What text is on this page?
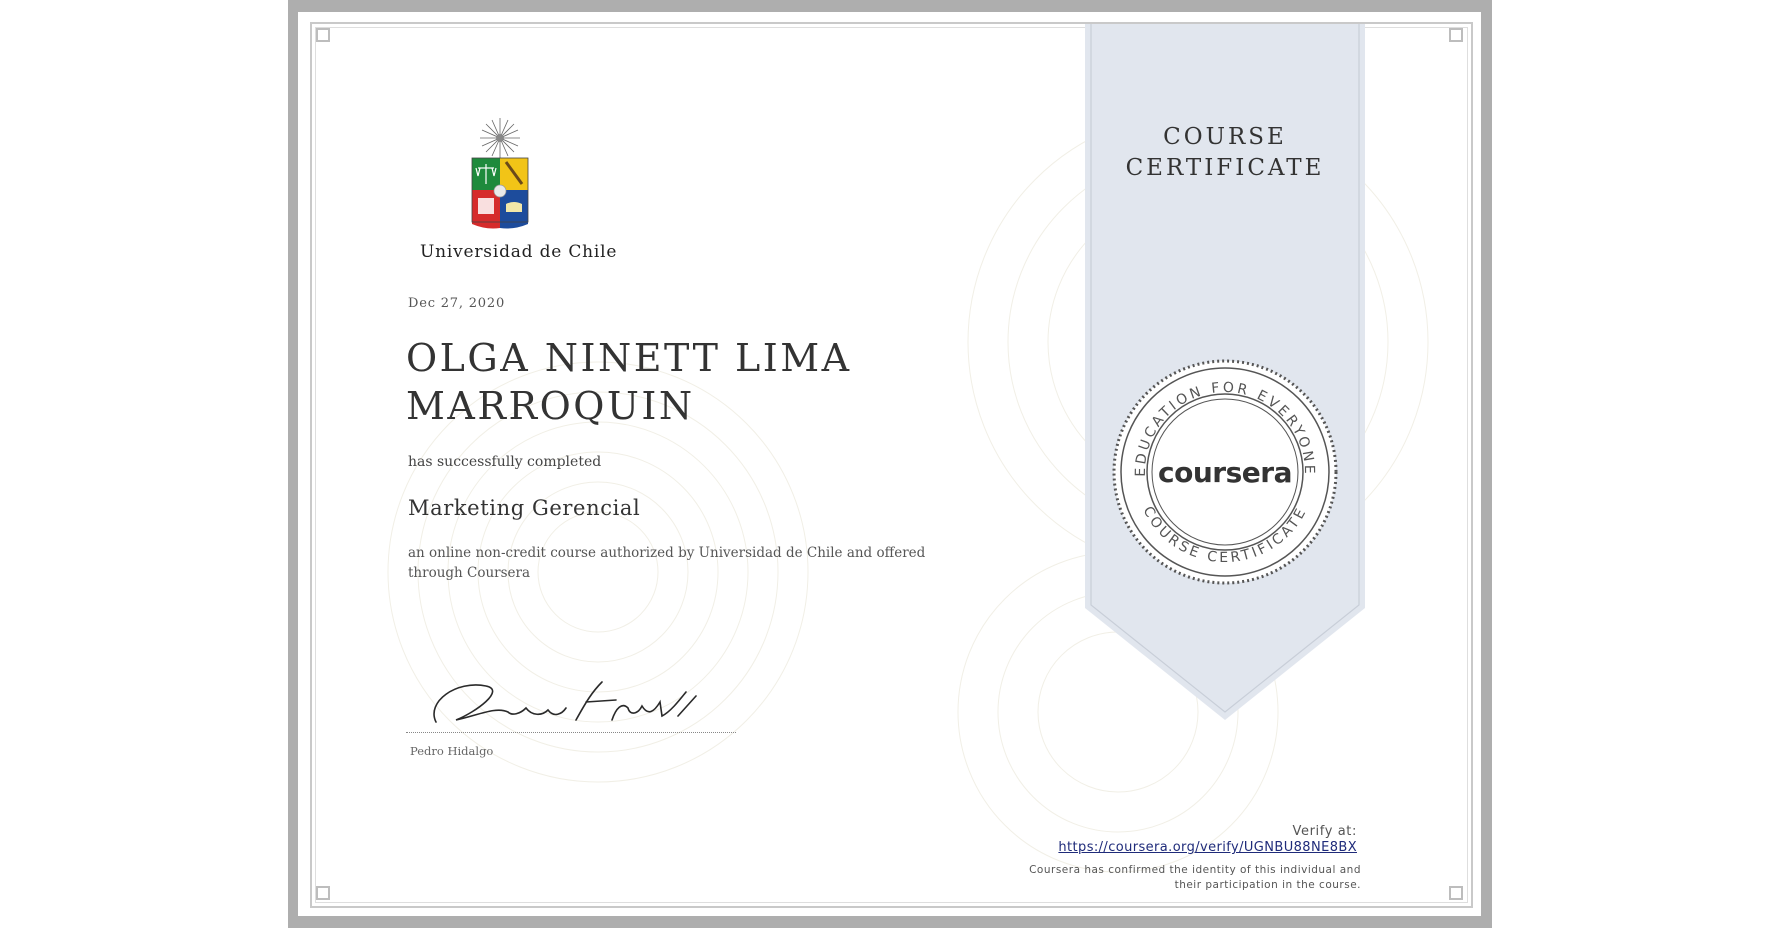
Universidad de Chile
Dec 27, 2020
OLGA NINETT LIMA
MARROQUIN
has successfully completed
Marketing Gerencial
an online non-credit course authorized by Universidad de Chile and offered through Coursera
Pedro Hidalgo
COURSE
CERTIFICATE
EDUCATION FOR EVERYONE
COURSE CERTIFICATE
coursera
Verify at:
https://coursera.org/verify/UGNBU88NE8BX
Coursera has confirmed the identity of this individual and
their participation in the course.
